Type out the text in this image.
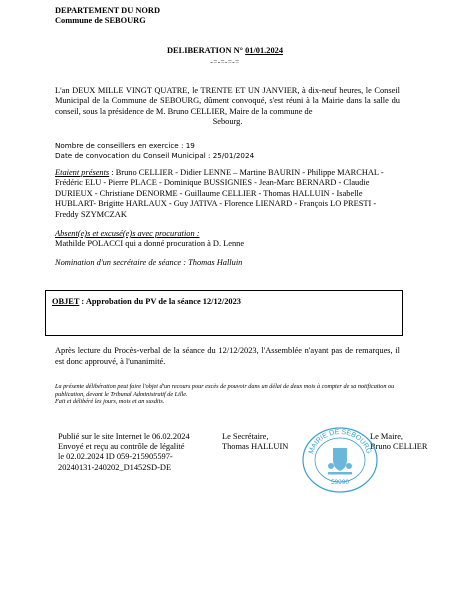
DEPARTEMENT DU NORD
Commune de SEBOURG
DELIBERATION N° 01/01.2024
-=-=-=-=
L'an DEUX MILLE VINGT QUATRE, le TRENTE ET UN JANVIER, à dix-neuf heures, le Conseil Municipal de la Commune de SEBOURG, dûment convoqué, s'est réuni à la Mairie dans la salle du conseil, sous la présidence de M. Bruno CELLIER, Maire de la commune de
Sebourg.
Nombre de conseillers en exercice : 19
Date de convocation du Conseil Municipal : 25/01/2024
Etaient présents : Bruno CELLIER - Didier LENNE – Martine BAURIN - Philippe MARCHAL - Frédéric ELU - Pierre PLACE - Dominique BUSSIGNIES - Jean-Marc BERNARD - Claudie DURIEUX - Christiane DENORME - Guillaume CELLIER - Thomas HALLUIN - Isabelle HUBLART- Brigitte HARLAUX - Guy JATIVA - Florence LIENARD - François LO PRESTI - Freddy SZYMCZAK
Absent(e)s et excusé(e)s avec procuration :
Mathilde POLACCI qui a donné procuration à D. Lenne
Nomination d'un secrétaire de séance : Thomas Halluin
OBJET : Approbation du PV de la séance 12/12/2023
Après lecture du Procès-verbal de la séance du 12/12/2023, l'Assemblée n'ayant pas de remarques, il est donc approuvé, à l'unanimité.
La présente délibération peut faire l'objet d'un recours pour excès de pouvoir dans un délai de deux mois à compter de sa notification ou publication, devant le Tribunal Administratif de Lille.
Fait et délibéré les jours, mois et an susdits.
Publié sur le site Internet le 06.02.2024
Envoyé et reçu au contrôle de légalité
le 02.02.2024 ID 059-215905597-
20240131-240202_D1452SD-DE
Le Secrétaire,
Thomas HALLUIN
Le Maire,
Bruno CELLIER
MAIRIE DE SEBOURG
59990
